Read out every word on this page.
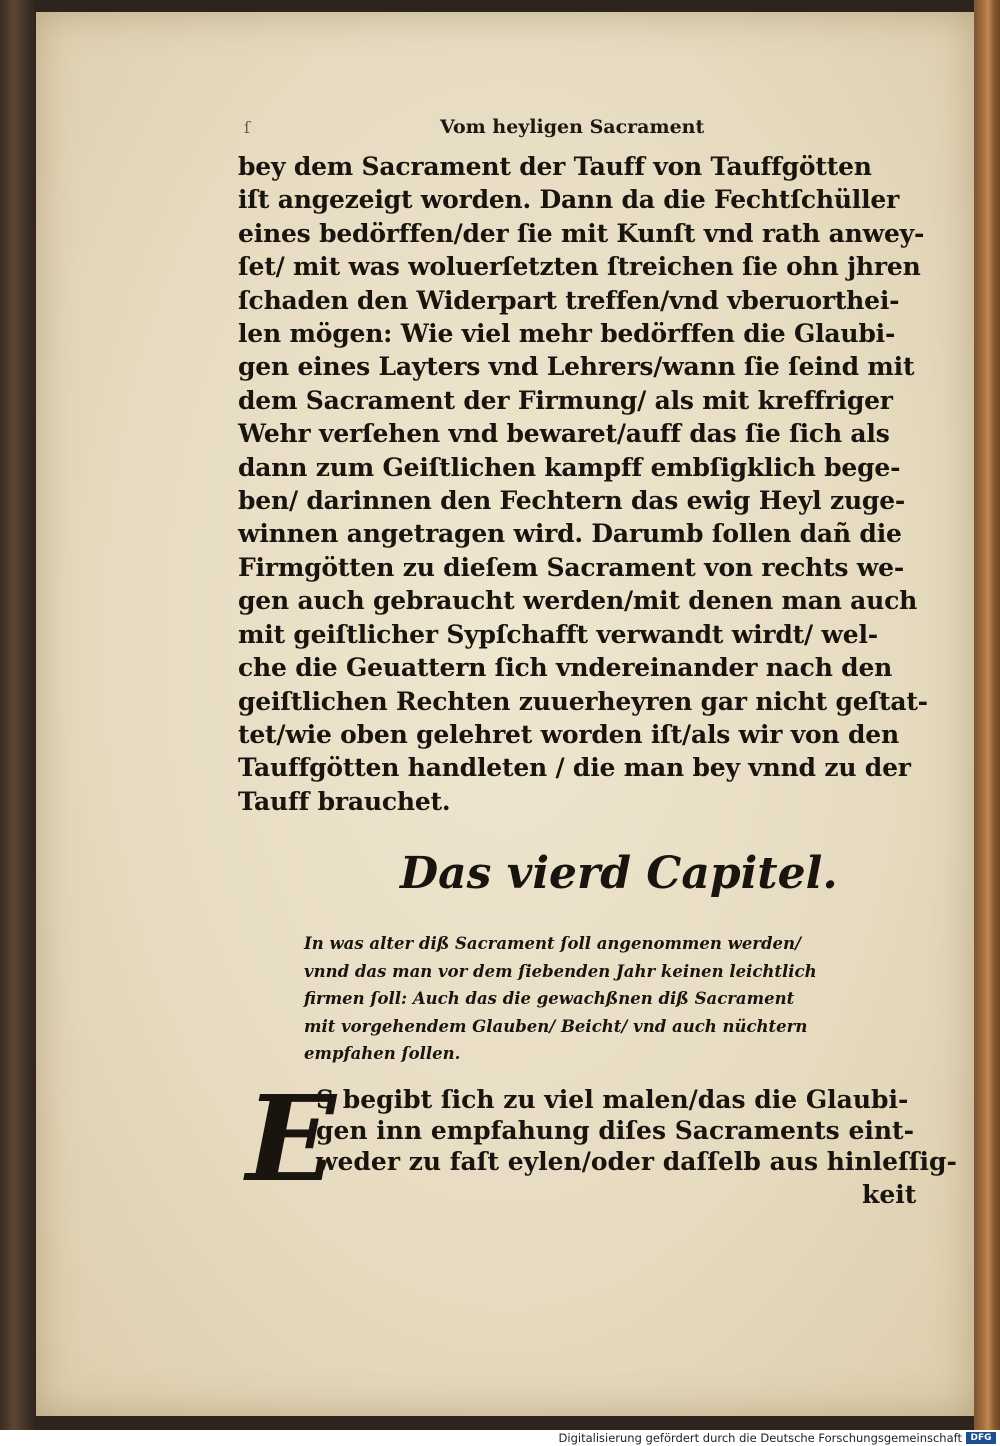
ſ	Vom heyligen Sacrament
bey dem Sacrament der Tauff von Tauffgötten
iſt angezeigt worden. Dann da die Fechtſchüller
eines bedörffen/der ſie mit Kunſt vnd rath anwey-
ſet/ mit was woluerſetzten ſtreichen ſie ohn jhren
ſchaden den Widerpart treffen/vnd vberuorthei-
len mögen: Wie viel mehr bedörffen die Glaubi-
gen eines Layters vnd Lehrers/wann ſie ſeind mit
dem Sacrament der Firmung/ als mit kreffriger
Wehr verſehen vnd bewaret/auff das ſie ſich als
dann zum Geiſtlichen kampff embſigklich bege-
ben/ darinnen den Fechtern das ewig Heyl zuge-
winnen angetragen wird. Darumb ſollen dañ die
Firmgötten zu dieſem Sacrament von rechts we-
gen auch gebraucht werden/mit denen man auch
mit geiſtlicher Sypſchafft verwandt wirdt/ wel-
che die Geuattern ſich vndereinander nach den
geiſtlichen Rechten zuuerheyren gar nicht geſtat-
tet/wie oben gelehret worden iſt/als wir von den
Tauffgötten handleten / die man bey vnnd zu der
Tauff brauchet.
Das vierd Capitel.
In was alter diß Sacrament ſoll angenommen werden/
vnnd das man vor dem ſiebenden Jahr keinen leichtlich
firmen ſoll: Auch das die gewachßnen diß Sacrament
mit vorgehendem Glauben/ Beicht/ vnd auch nüchtern
empfahen ſollen.
E
S begibt ſich zu viel malen/das die Glaubi-
gen inn empfahung diſes Sacraments eint-
weder zu faſt eylen/oder daſſelb aus hinleſſig-
keit
Digitalisierung gefördert durch die Deutsche Forschungsgemeinschaft DFG
